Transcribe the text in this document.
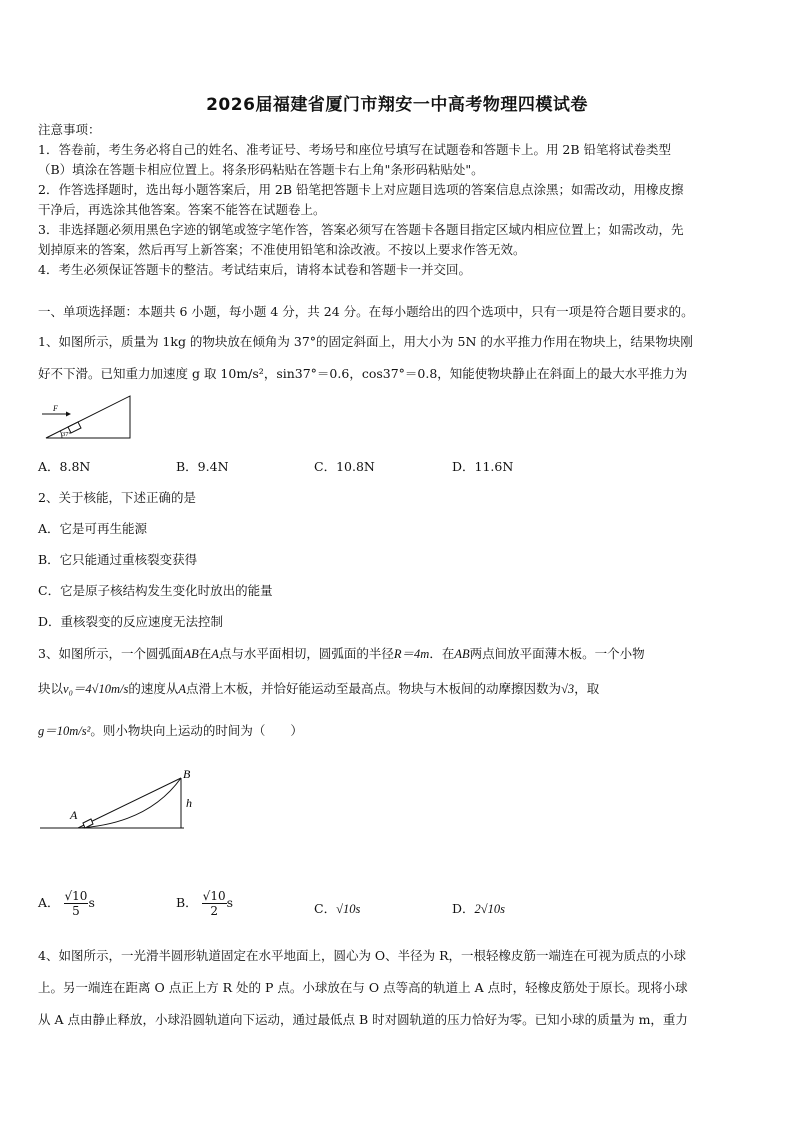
2026届福建省厦门市翔安一中高考物理四模试卷
注意事项：
1．答卷前，考生务必将自己的姓名、准考证号、考场号和座位号填写在试题卷和答题卡上。用 2B 铅笔将试卷类型
（B）填涂在答题卡相应位置上。将条形码粘贴在答题卡右上角"条形码粘贴处"。
2．作答选择题时，选出每小题答案后，用 2B 铅笔把答题卡上对应题目选项的答案信息点涂黑；如需改动，用橡皮擦
干净后，再选涂其他答案。答案不能答在试题卷上。
3．非选择题必须用黑色字迹的钢笔或签字笔作答，答案必须写在答题卡各题目指定区域内相应位置上；如需改动，先
划掉原来的答案，然后再写上新答案；不准使用铅笔和涂改液。不按以上要求作答无效。
4．考生必须保证答题卡的整洁。考试结束后，请将本试卷和答题卡一并交回。
一、单项选择题：本题共 6 小题，每小题 4 分，共 24 分。在每小题给出的四个选项中，只有一项是符合题目要求的。
1、如图所示，质量为 1kg 的物块放在倾角为 37°的固定斜面上，用大小为 5N 的水平推力作用在物块上，结果物块刚
好不下滑。已知重力加速度 g 取 10m/s²，sin37°＝0.6，cos37°＝0.8，知能使物块静止在斜面上的最大水平推力为
F
37°
A．8.8N	B．9.4N	C．10.8N	D．11.6N
2、关于核能，下述正确的是
A．它是可再生能源
B．它只能通过重核裂变获得
C．它是原子核结构发生变化时放出的能量
D．重核裂变的反应速度无法控制
3、如图所示，一个圆弧面AB在A点与水平面相切，圆弧面的半径R＝4m．在AB两点间放平面薄木板。一个小物
块以v₀＝4√10m/s的速度从A点滑上木板，并恰好能运动至最高点。物块与木板间的动摩擦因数为√3，取
g＝10m/s²。则小物块向上运动的时间为（　　）
A
B
h
A． $\frac{√10}{5}$ s	B． $\frac{√10}{2}$ s	C．√10s	D．2√10s
4、如图所示，一光滑半圆形轨道固定在水平地面上，圆心为 O、半径为 R，一根轻橡皮筋一端连在可视为质点的小球
上。另一端连在距离 O 点正上方 R 处的 P 点。小球放在与 O 点等高的轨道上 A 点时，轻橡皮筋处于原长。现将小球
从 A 点由静止释放，小球沿圆轨道向下运动，通过最低点 B 时对圆轨道的压力恰好为零。已知小球的质量为 m，重力
